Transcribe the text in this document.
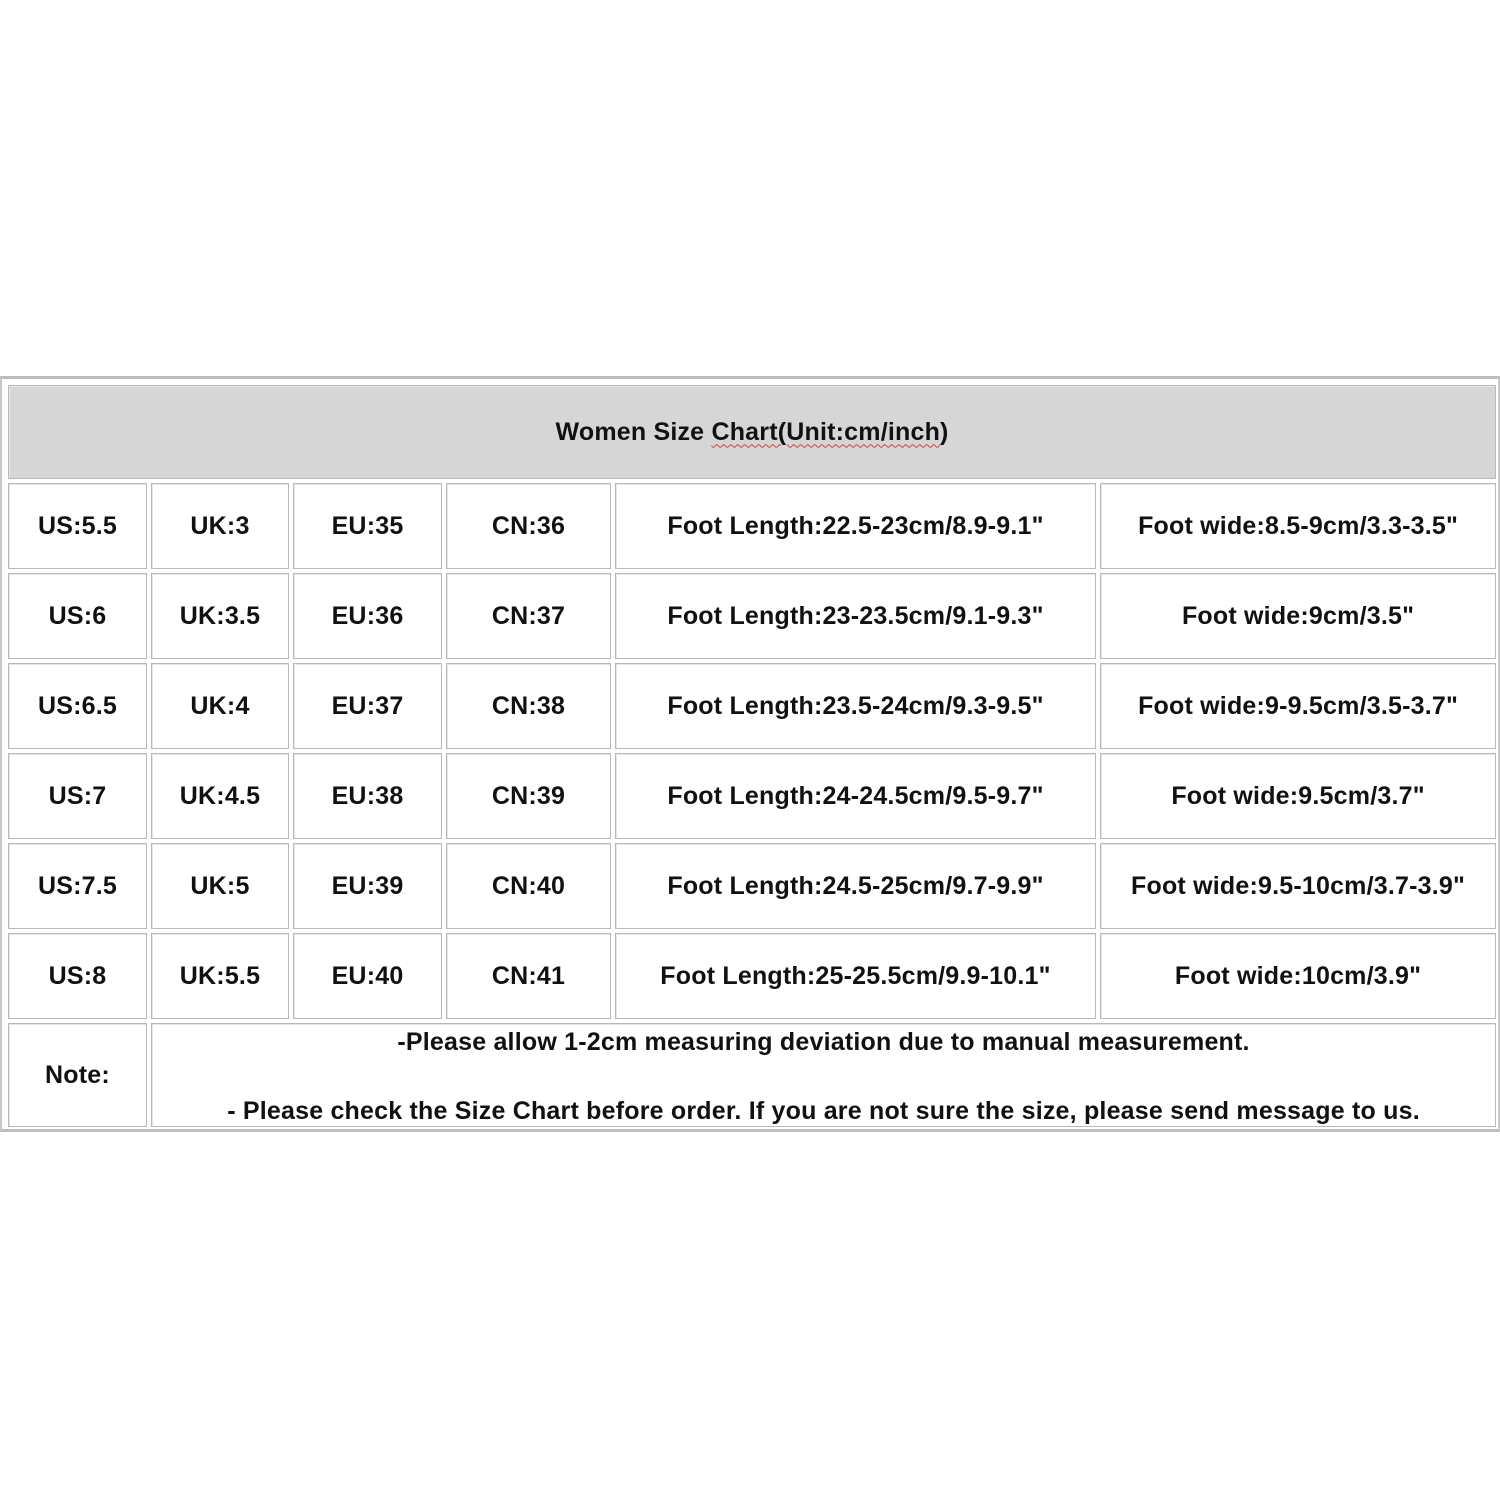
Women Size Chart(Unit:cm/inch)					
US:5.5	UK:3	EU:35	CN:36	Foot Length:22.5-23cm/8.9-9.1"	Foot wide:8.5-9cm/3.3-3.5"
US:6	UK:3.5	EU:36	CN:37	Foot Length:23-23.5cm/9.1-9.3"	Foot wide:9cm/3.5"
US:6.5	UK:4	EU:37	CN:38	Foot Length:23.5-24cm/9.3-9.5"	Foot wide:9-9.5cm/3.5-3.7"
US:7	UK:4.5	EU:38	CN:39	Foot Length:24-24.5cm/9.5-9.7"	Foot wide:9.5cm/3.7"
US:7.5	UK:5	EU:39	CN:40	Foot Length:24.5-25cm/9.7-9.9"	Foot wide:9.5-10cm/3.7-3.9"
US:8	UK:5.5	EU:40	CN:41	Foot Length:25-25.5cm/9.9-10.1"	Foot wide:10cm/3.9"
Note:	-Please allow 1-2cm measuring deviation due to manual measurement.
- Please check the Size Chart before order. If you are not sure the size, please send message to us.				
